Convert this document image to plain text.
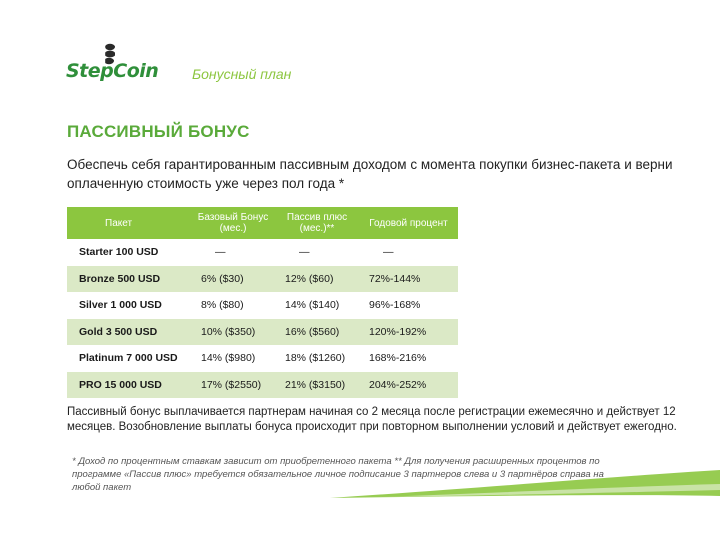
StepCoin Бонусный план
ПАССИВНЫЙ БОНУС
Обеспечь себя гарантированным пассивным доходом с момента покупки бизнес-пакета и верни оплаченную стоимость уже через пол года *
Пакет	Базовый Бонус (мес.)	Пассив плюс (мес.)**	Годовой процент
Starter 100 USD	—	—	—
Bronze 500 USD	6% ($30)	12% ($60)	72%-144%
Silver 1 000 USD	8% ($80)	14% ($140)	96%-168%
Gold 3 500 USD	10% ($350)	16% ($560)	120%-192%
Platinum 7 000 USD	14% ($980)	18% ($1260)	168%-216%
PRO 15 000 USD	17% ($2550)	21% ($3150)	204%-252%
Пассивный бонус выплачивается партнерам начиная со 2 месяца после регистрации ежемесячно и действует 12 месяцев. Возобновление выплаты бонуса происходит при повторном выполнении условий и действует ежегодно.
* Доход по процентным ставкам зависит от приобретенного пакета ** Для получения расширенных процентов по программе «Пассив плюс» требуется обязательное личное подписание 3 партнеров слева и 3 партнёров справа на любой пакет
